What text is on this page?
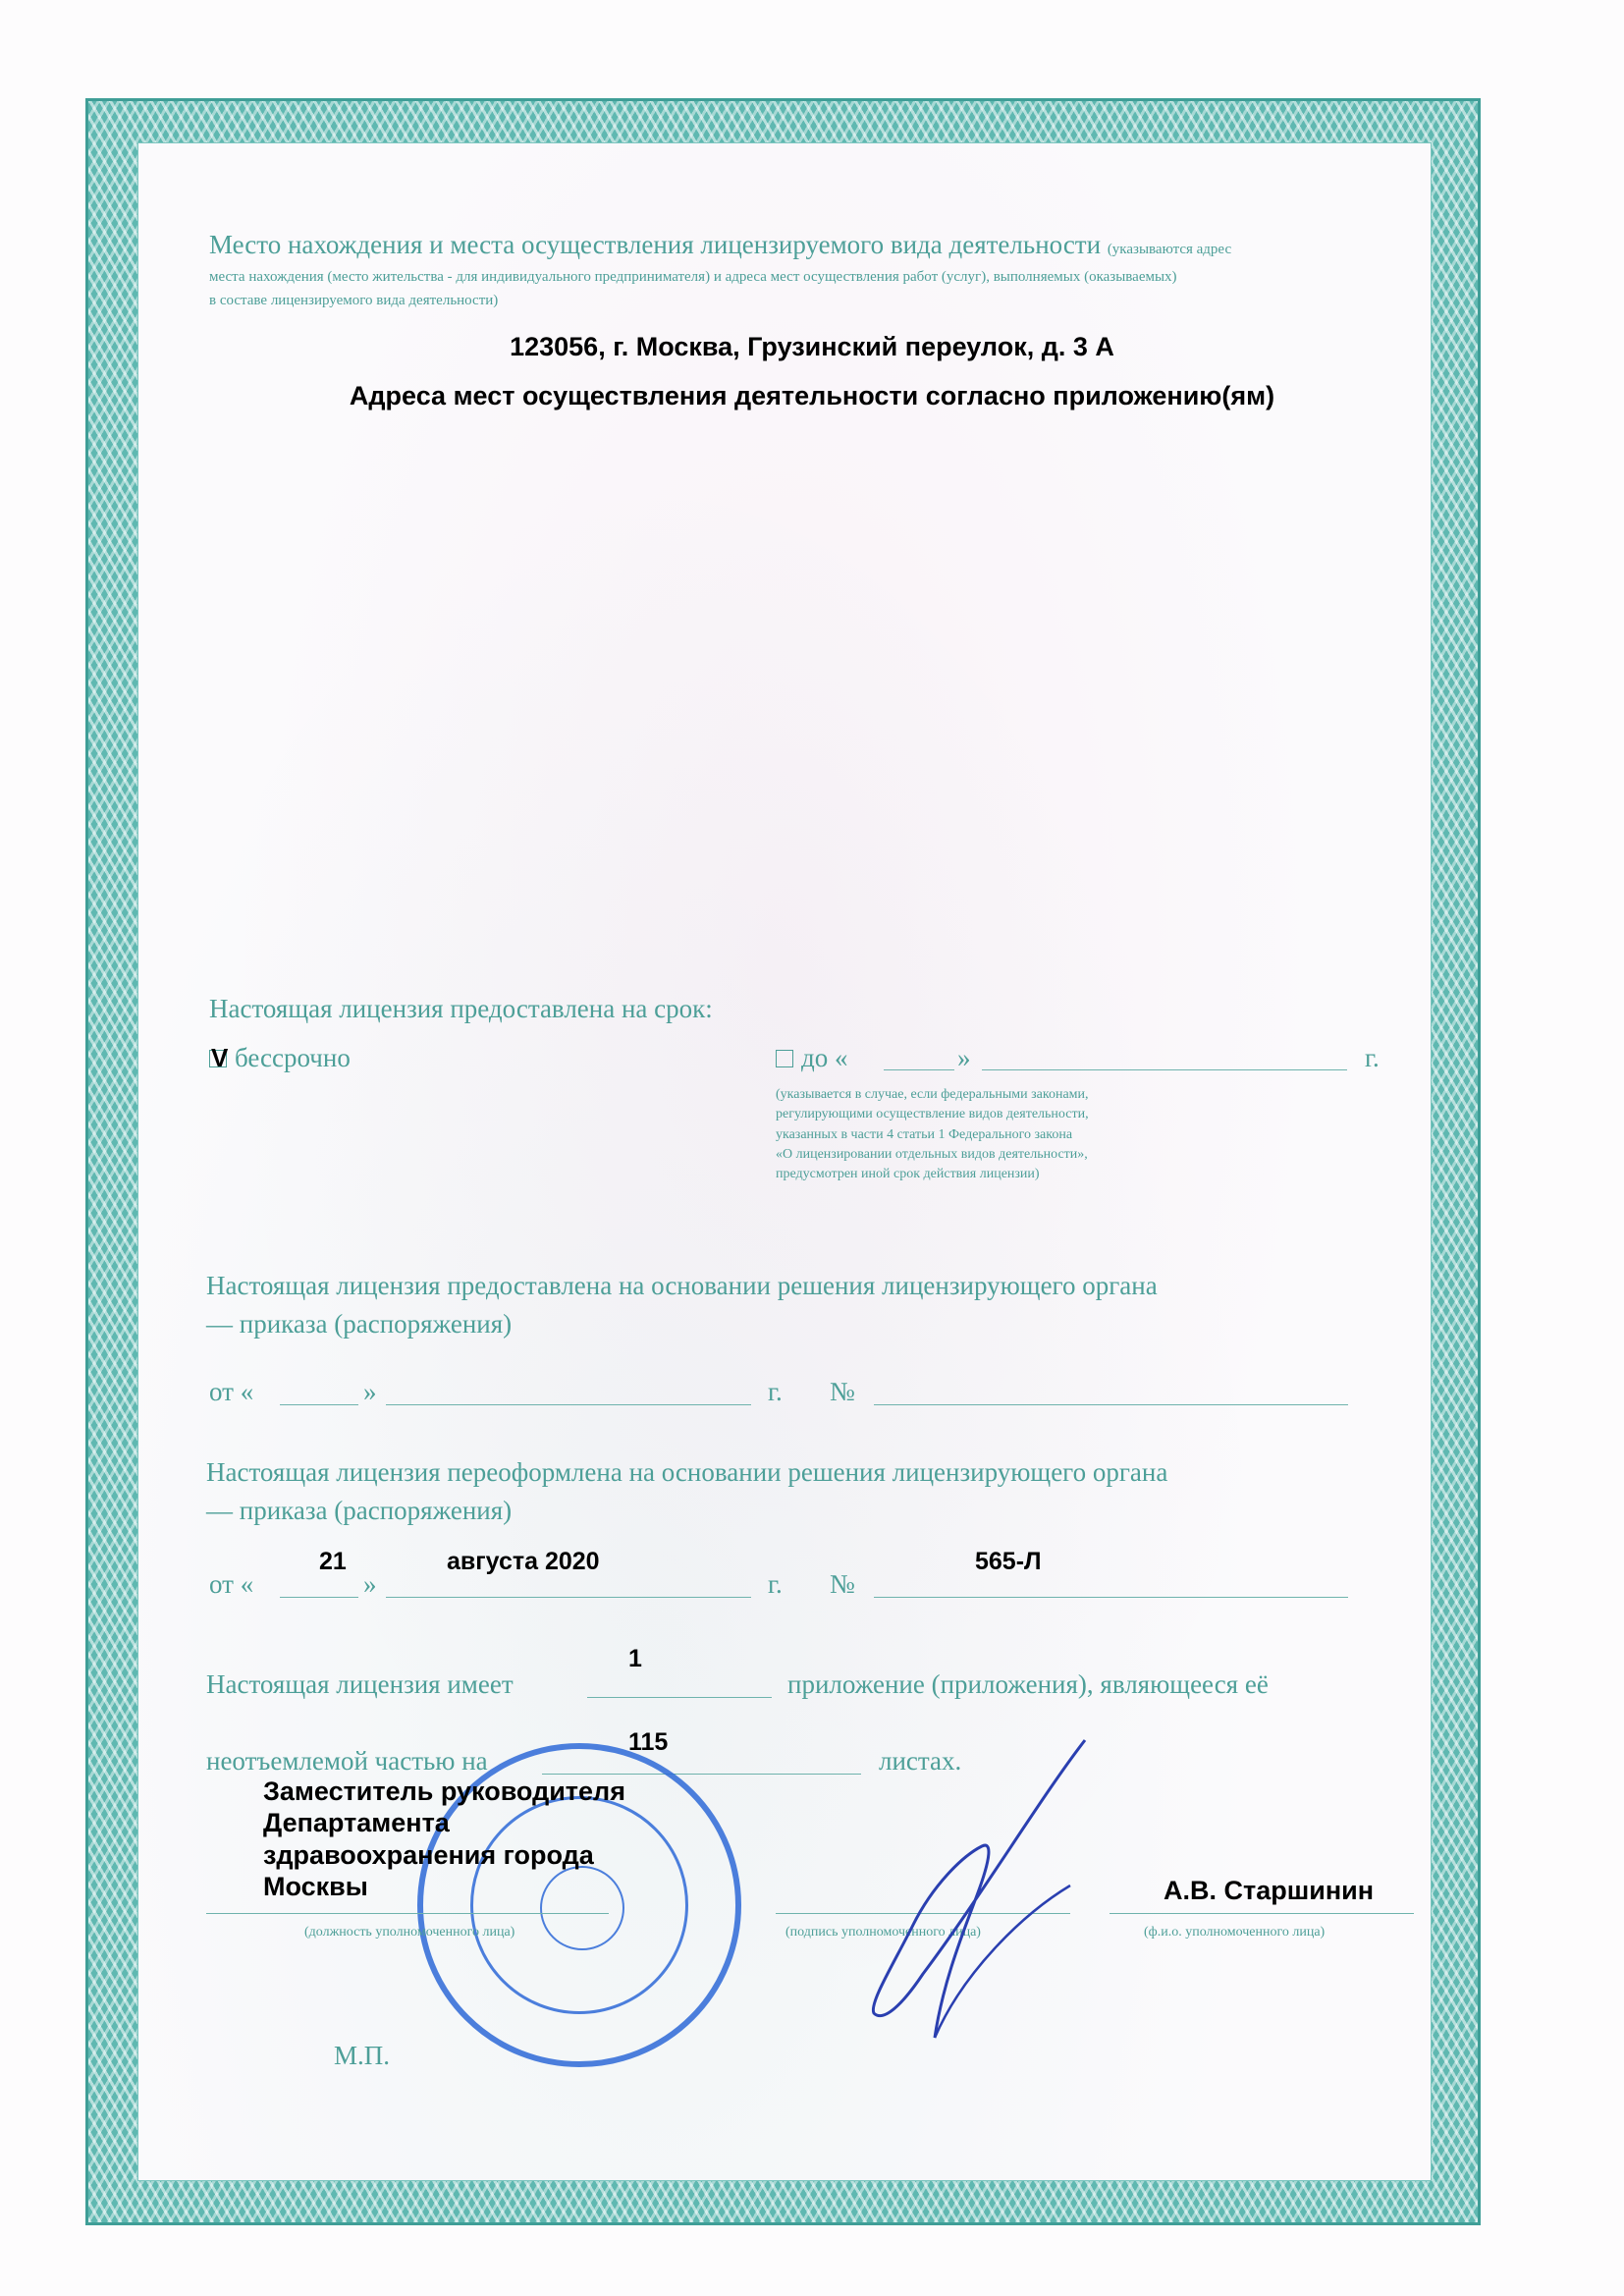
Место нахождения и места осуществления лицензируемого вида деятельности (указываются адрес
места нахождения (место жительства - для индивидуального предпринимателя) и адреса мест осуществления работ (услуг), выполняемых (оказываемых)
в составе лицензируемого вида деятельности)
123056, г. Москва, Грузинский переулок, д. 3 А
Адреса мест осуществления деятельности согласно приложению(ям)
Настоящая лицензия предоставлена на срок:
V бессрочно	до «	»	г.
(указывается в случае, если федеральными законами,
регулирующими осуществление видов деятельности,
указанных в части 4 статьи 1 Федерального закона
«О лицензировании отдельных видов деятельности»,
предусмотрен иной срок действия лицензии)
Настоящая лицензия предоставлена на основании решения лицензирующего органа
— приказа (распоряжения)
от «	»	г. №
Настоящая лицензия переоформлена на основании решения лицензирующего органа
— приказа (распоряжения)
21	августа 2020	565-Л
от «	»	г. №
1
Настоящая лицензия имеет	приложение (приложения), являющееся её
115
неотъемлемой частью на	листах.
Заместитель руководителя
Департамента
здравоохранения города
Москвы	А.В. Старшинин
(должность уполномоченного лица)	(подпись уполномоченного лица)	(ф.и.о. уполномоченного лица)
М.П.
